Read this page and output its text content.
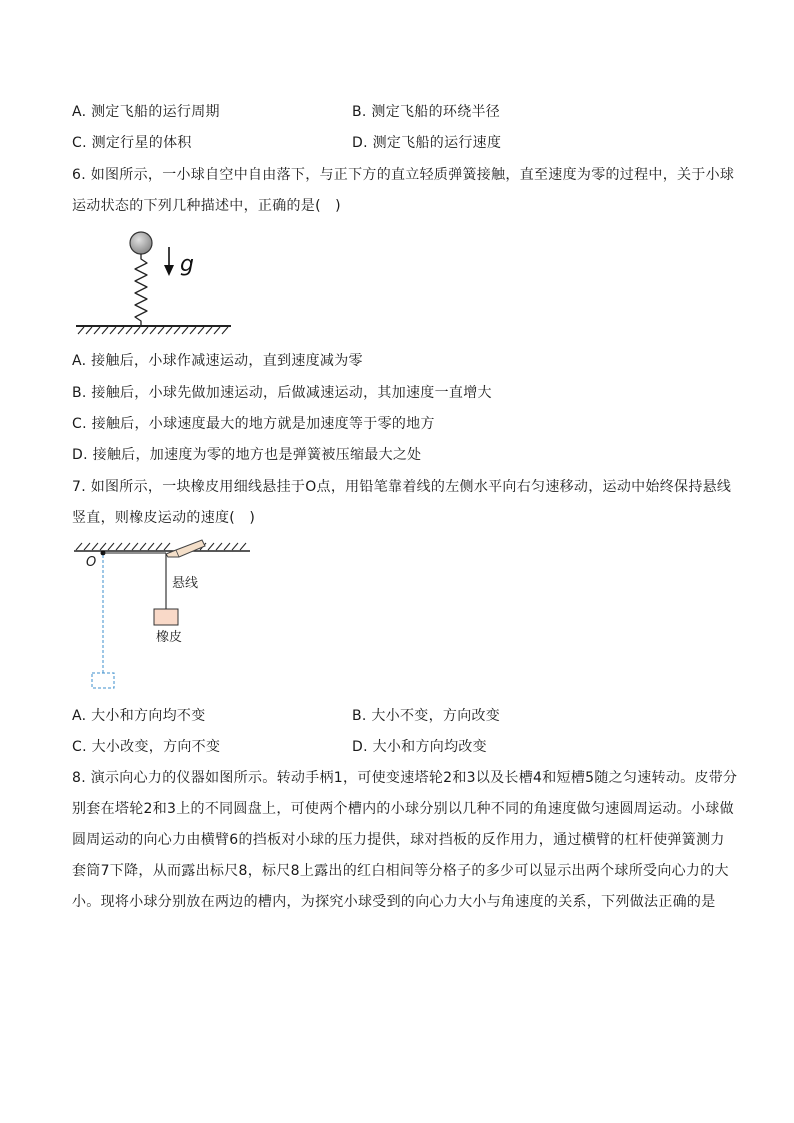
A. 测定飞船的运行周期	B. 测定飞船的环绕半径
C. 测定行星的体积	D. 测定飞船的运行速度
6. 如图所示，一小球自空中自由落下，与正下方的直立轻质弹簧接触，直至速度为零的过程中，关于小球
运动状态的下列几种描述中，正确的是(　)
g
A. 接触后，小球作减速运动，直到速度减为零
B. 接触后，小球先做加速运动，后做减速运动，其加速度一直增大
C. 接触后，小球速度最大的地方就是加速度等于零的地方
D. 接触后，加速度为零的地方也是弹簧被压缩最大之处
7. 如图所示，一块橡皮用细线悬挂于O点，用铅笔靠着线的左侧水平向右匀速移动，运动中始终保持悬线
竖直，则橡皮运动的速度(　)
O
悬线
橡皮
A. 大小和方向均不变	B. 大小不变，方向改变
C. 大小改变，方向不变	D. 大小和方向均改变
8. 演示向心力的仪器如图所示。转动手柄1，可使变速塔轮2和3以及长槽4和短槽5随之匀速转动。皮带分
别套在塔轮2和3上的不同圆盘上，可使两个槽内的小球分别以几种不同的角速度做匀速圆周运动。小球做
圆周运动的向心力由横臂6的挡板对小球的压力提供，球对挡板的反作用力，通过横臂的杠杆使弹簧测力
套筒7下降，从而露出标尺8，标尺8上露出的红白相间等分格子的多少可以显示出两个球所受向心力的大
小。现将小球分别放在两边的槽内，为探究小球受到的向心力大小与角速度的关系，下列做法正确的是
